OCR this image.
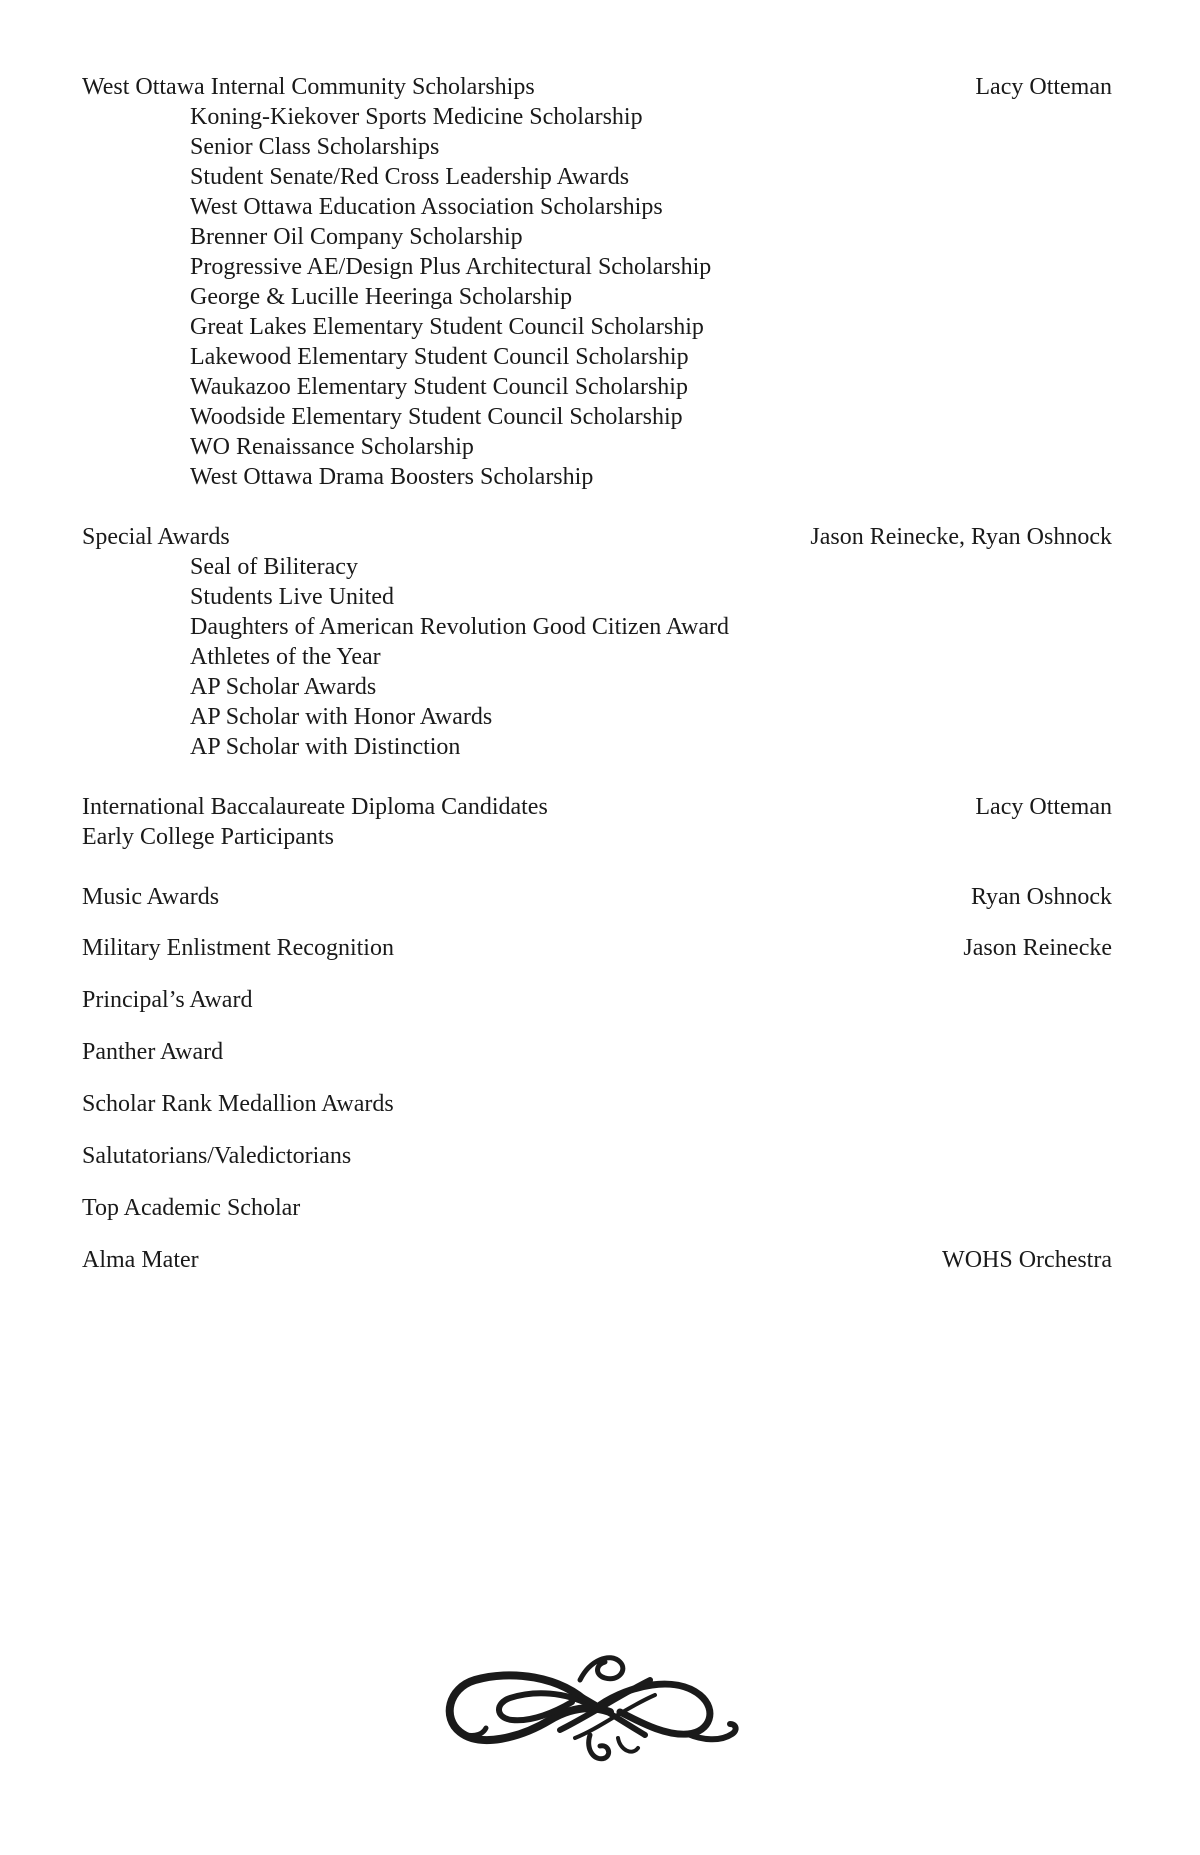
West Ottawa Internal Community Scholarships	Lacy Otteman
Koning-Kiekover Sports Medicine Scholarship
Senior Class Scholarships
Student Senate/Red Cross Leadership Awards
West Ottawa Education Association Scholarships
Brenner Oil Company Scholarship
Progressive AE/Design Plus Architectural Scholarship
George & Lucille Heeringa Scholarship
Great Lakes Elementary Student Council Scholarship
Lakewood Elementary Student Council Scholarship
Waukazoo Elementary Student Council Scholarship
Woodside Elementary Student Council Scholarship
WO Renaissance Scholarship
West Ottawa Drama Boosters Scholarship
Special Awards	Jason Reinecke, Ryan Oshnock
Seal of Biliteracy
Students Live United
Daughters of American Revolution Good Citizen Award
Athletes of the Year
AP Scholar Awards
AP Scholar with Honor Awards
AP Scholar with Distinction
International Baccalaureate Diploma Candidates	Lacy Otteman
Early College Participants
Music Awards	Ryan Oshnock
Military Enlistment Recognition	Jason Reinecke
Principal’s Award
Panther Award
Scholar Rank Medallion Awards
Salutatorians/Valedictorians
Top Academic Scholar
Alma Mater	WOHS Orchestra
